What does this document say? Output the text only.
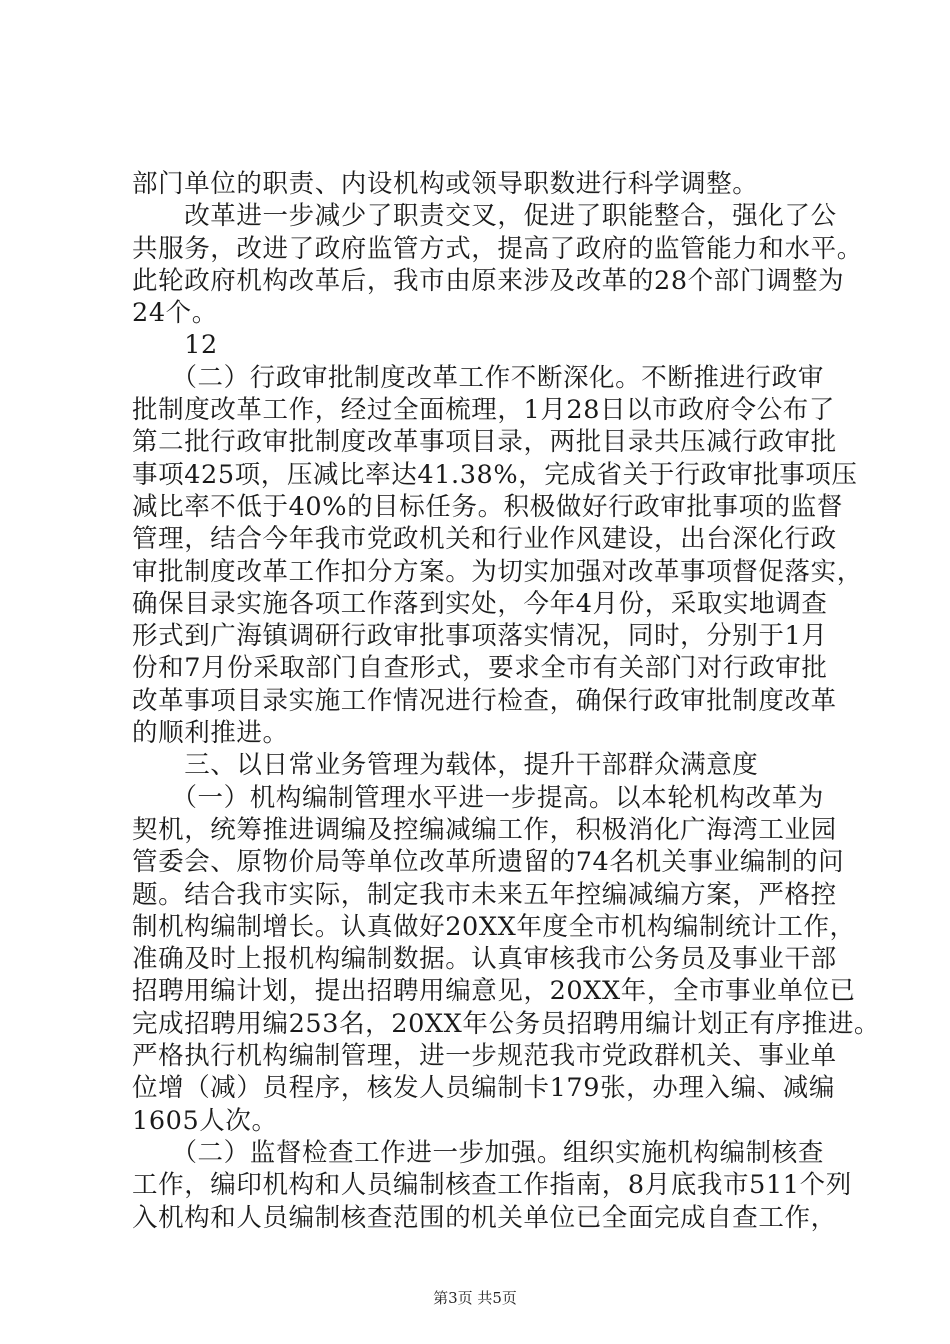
部门单位的职责、内设机构或领导职数进行科学调整。
　　改革进一步减少了职责交叉，促进了职能整合，强化了公
共服务，改进了政府监管方式，提高了政府的监管能力和水平。
此轮政府机构改革后，我市由原来涉及改革的28个部门调整为
24个。
　　12
　　（二）行政审批制度改革工作不断深化。不断推进行政审
批制度改革工作，经过全面梳理，1月28日以市政府令公布了
第二批行政审批制度改革事项目录，两批目录共压减行政审批
事项425项，压减比率达41.38%，完成省关于行政审批事项压
减比率不低于40%的目标任务。积极做好行政审批事项的监督
管理，结合今年我市党政机关和行业作风建设，出台深化行政
审批制度改革工作扣分方案。为切实加强对改革事项督促落实，
确保目录实施各项工作落到实处，今年4月份，采取实地调查
形式到广海镇调研行政审批事项落实情况，同时，分别于1月
份和7月份采取部门自查形式，要求全市有关部门对行政审批
改革事项目录实施工作情况进行检查，确保行政审批制度改革
的顺利推进。
　　三、以日常业务管理为载体，提升干部群众满意度
　　（一）机构编制管理水平进一步提高。以本轮机构改革为
契机，统筹推进调编及控编减编工作，积极消化广海湾工业园
管委会、原物价局等单位改革所遗留的74名机关事业编制的问
题。结合我市实际，制定我市未来五年控编减编方案，严格控
制机构编制增长。认真做好20XX年度全市机构编制统计工作，
准确及时上报机构编制数据。认真审核我市公务员及事业干部
招聘用编计划，提出招聘用编意见，20XX年，全市事业单位已
完成招聘用编253名，20XX年公务员招聘用编计划正有序推进。
严格执行机构编制管理，进一步规范我市党政群机关、事业单
位增（减）员程序，核发人员编制卡179张，办理入编、减编
1605人次。
　　（二）监督检查工作进一步加强。组织实施机构编制核查
工作，编印机构和人员编制核查工作指南，8月底我市511个列
入机构和人员编制核查范围的机关单位已全面完成自查工作，
第3页 共5页
